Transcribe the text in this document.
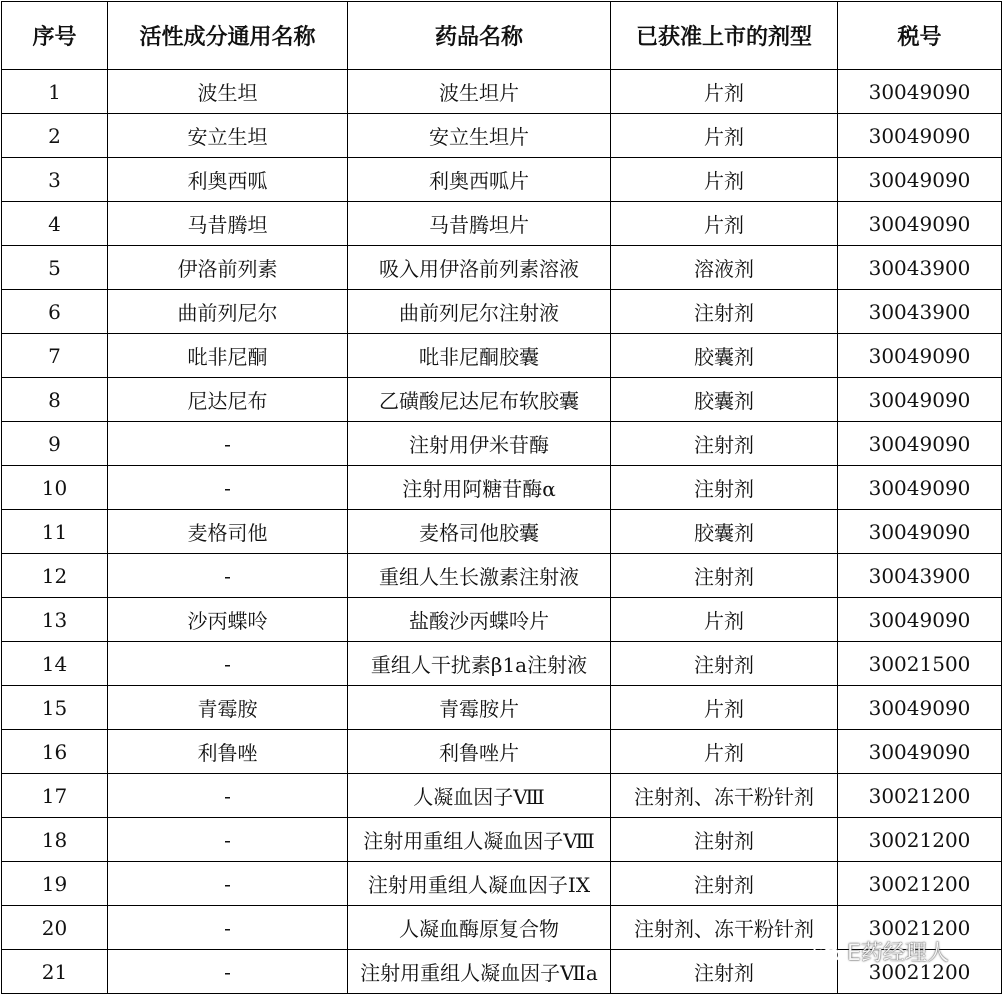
序号	活性成分通用名称	药品名称	已获准上市的剂型	税号
1	波生坦	波生坦片	片剂	30049090
2	安立生坦	安立生坦片	片剂	30049090
3	利奥西呱	利奥西呱片	片剂	30049090
4	马昔腾坦	马昔腾坦片	片剂	30049090
5	伊洛前列素	吸入用伊洛前列素溶液	溶液剂	30043900
6	曲前列尼尔	曲前列尼尔注射液	注射剂	30043900
7	吡非尼酮	吡非尼酮胶囊	胶囊剂	30049090
8	尼达尼布	乙磺酸尼达尼布软胶囊	胶囊剂	30049090
9	-	注射用伊米苷酶	注射剂	30049090
10	-	注射用阿糖苷酶α	注射剂	30049090
11	麦格司他	麦格司他胶囊	胶囊剂	30049090
12	-	重组人生长激素注射液	注射剂	30043900
13	沙丙蝶呤	盐酸沙丙蝶呤片	片剂	30049090
14	-	重组人干扰素β1a注射液	注射剂	30021500
15	青霉胺	青霉胺片	片剂	30049090
16	利鲁唑	利鲁唑片	片剂	30049090
17	-	人凝血因子Ⅷ	注射剂、冻干粉针剂	30021200
18	-	注射用重组人凝血因子Ⅷ	注射剂	30021200
19	-	注射用重组人凝血因子IX	注射剂	30021200
20	-	人凝血酶原复合物	注射剂、冻干粉针剂	30021200
21	-	注射用重组人凝血因子Ⅶa	注射剂	30021200
E药经理人
